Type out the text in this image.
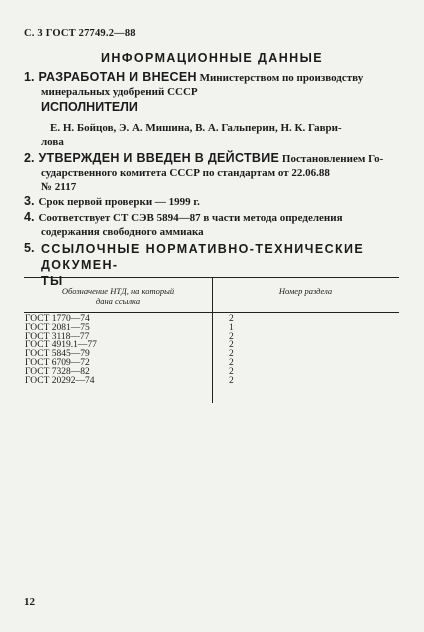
С. 3 ГОСТ 27749.2—88
ИНФОРМАЦИОННЫЕ ДАННЫЕ
1. РАЗРАБОТАН И ВНЕСЕН Министерством по производству
минеральных удобрений СССР
ИСПОЛНИТЕЛИ
Е. Н. Бойцов, Э. А. Мишина, В. А. Гальперин, Н. К. Гаври-
лова
2. УТВЕРЖДЕН И ВВЕДЕН В ДЕЙСТВИЕ Постановлением Го-
сударственного комитета СССР по стандартам от 22.06.88
№ 2117
3. Срок первой проверки — 1999 г.
4. Соответствует СТ СЭВ 5894—87 в части метода определения
содержания свободного аммиака
5. ССЫЛОЧНЫЕ НОРМАТИВНО-ТЕХНИЧЕСКИЕ ДОКУМЕН-
ТЫ
Обозначение НТД, на который
дана ссылка
Номер раздела
ГОСТ 1770—74	2
ГОСТ 2081—75	1
ГОСТ 3118—77	2
ГОСТ 4919.1—77	2
ГОСТ 5845—79	2
ГОСТ 6709—72	2
ГОСТ 7328—82	2
ГОСТ 20292—74	2
12
